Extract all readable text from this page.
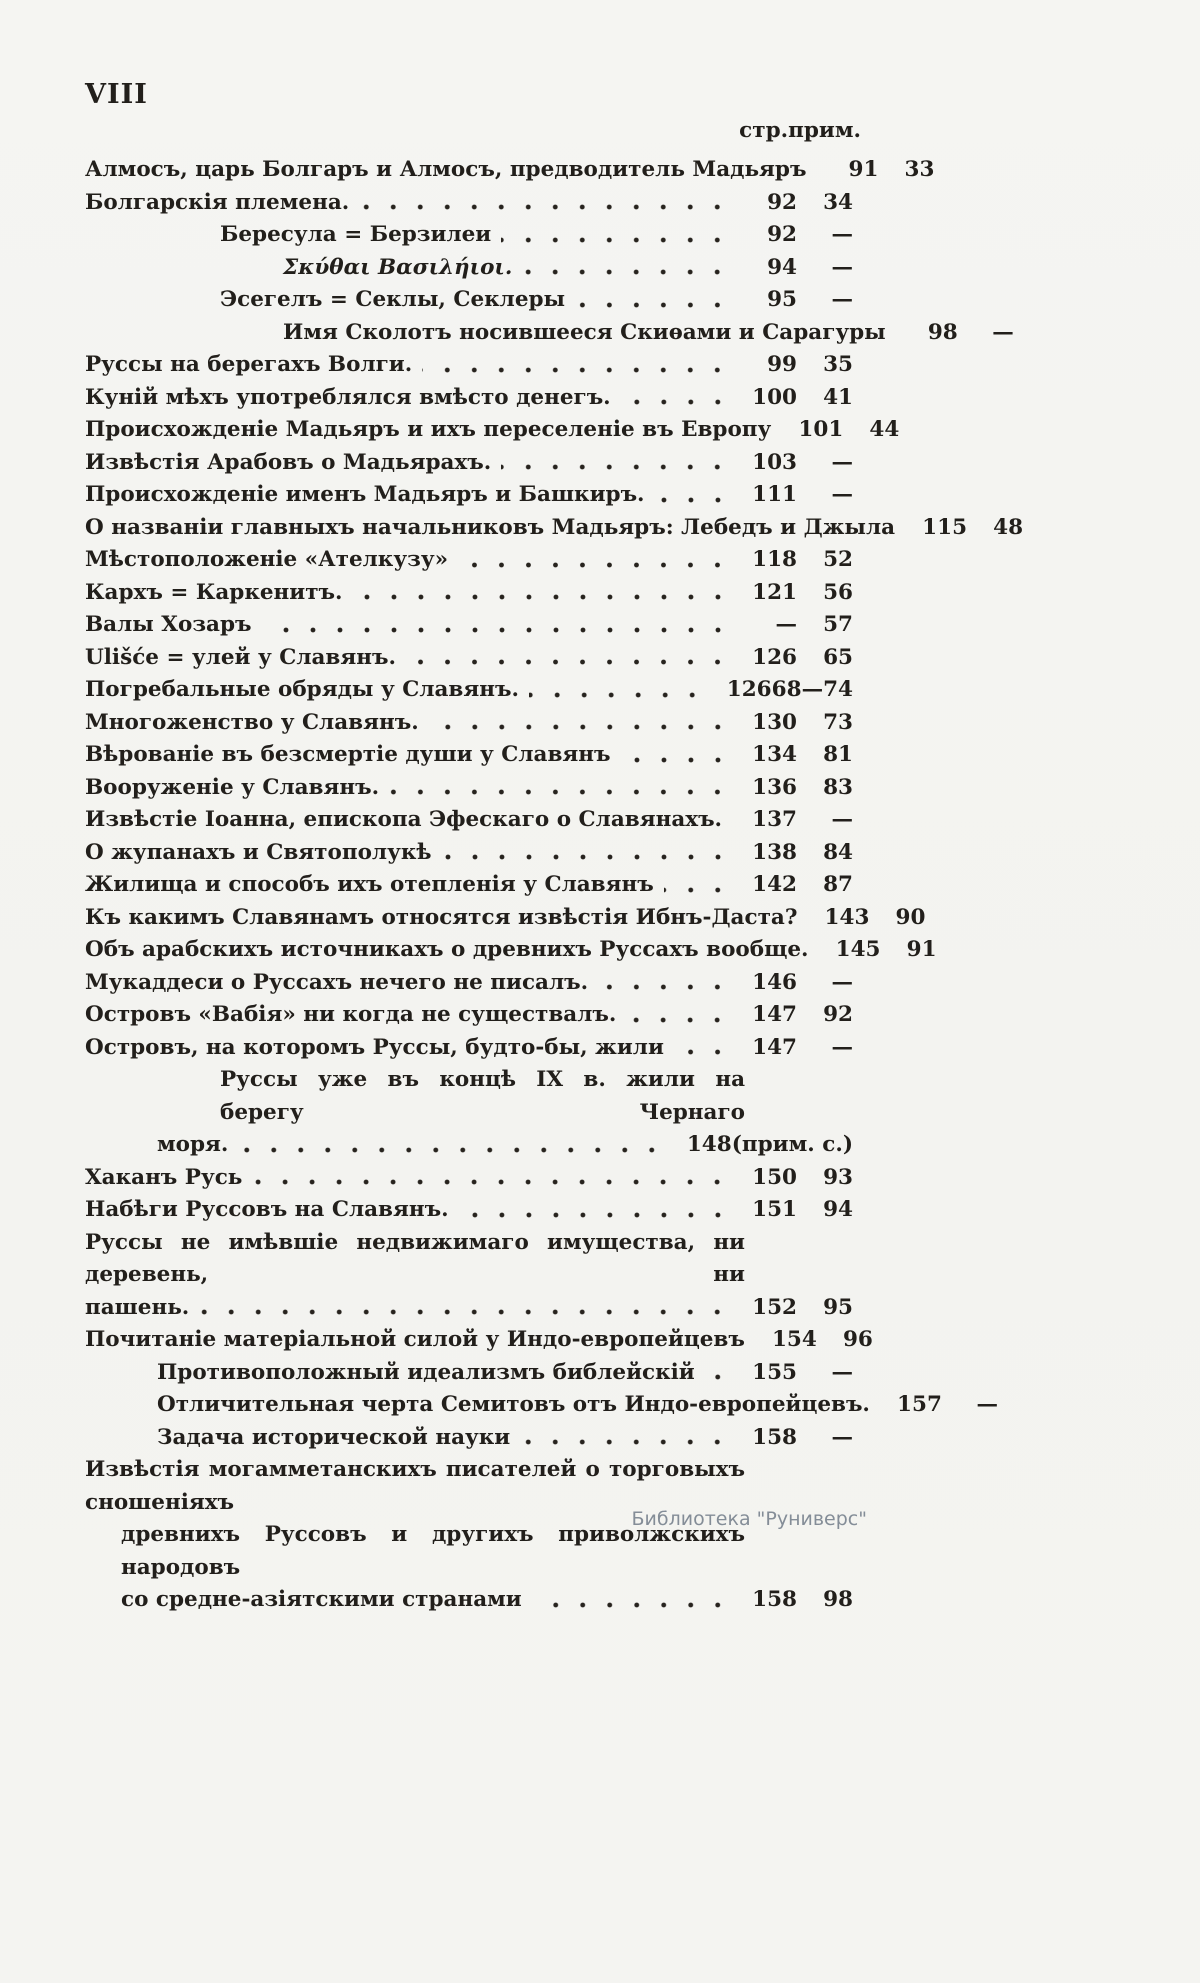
VIII
стр. прим.
Алмосъ, царь Болгаръ и Алмосъ, предводитель Мадьяръ	91	33
Болгарскія племена.	92	34
Бересула = Берзилеи	92	—
Σκύθαι Βασιλήιοι.	94	—
Эсегелъ = Секлы, Секлеры	95	—
Имя Сколотъ носившееся Скиѳами и Сарагуры	98	—
Руссы на берегахъ Волги.	99	35
Куній мѣхъ употреблялся вмѣсто денегъ.	100	41
Происхожденіе Мадьяръ и ихъ переселеніе въ Европу	101	44
Извѣстія Арабовъ о Мадьярахъ.	103	—
Происхожденіе именъ Мадьяръ и Башкиръ.	111	—
О названіи главныхъ начальниковъ Мадьяръ: Лебедъ и Джыла	115	48
Мѣстоположеніе «Ателкузу»	118	52
Кархъ = Каркенитъ.	121	56
Валы Хозаръ	—	57
Ulišće = улей у Славянъ.	126	65
Погребальные обряды у Славянъ.	126 68—74
Многоженство у Славянъ.	130	73
Вѣрованіе въ безсмертіе души у Славянъ	134	81
Вооруженіе у Славянъ.	136	83
Извѣстіе Іоанна, епископа Эфескаго о Славянахъ.	137	—
О жупанахъ и Святополукѣ	138	84
Жилища и способъ ихъ отепленія у Славянъ	142	87
Къ какимъ Славянамъ относятся извѣстія Ибнъ-Даста?	143	90
Объ арабскихъ источникахъ о древнихъ Руссахъ вообще.	145	91
Мукаддеси о Руссахъ нечего не писалъ.	146	—
Островъ «Вабія» ни когда не существалъ.	147	92
Островъ, на которомъ Руссы, будто-бы, жили	147	—
Руссы уже въ концѣ IX в. жили на берегу Чернаго
моря.	148 (прим. с.)
Хаканъ Русь	150	93
Набѣги Руссовъ на Славянъ.	151	94
Руссы не имѣвшіе недвижимаго имущества, ни деревень, ни
пашень.	152	95
Почитаніе матеріальной силой у Индо-европейцевъ	154	96
Противоположный идеализмъ библейскій	155	—
Отличительная черта Семитовъ отъ Индо-европейцевъ.	157	—
Задача исторической науки	158	—
Извѣстія могамметанскихъ писателей о торговыхъ сношеніяхъ
древнихъ Руссовъ и другихъ приволжскихъ народовъ
со средне-азіятскими странами	158	98
Библиотека "Руниверс"
